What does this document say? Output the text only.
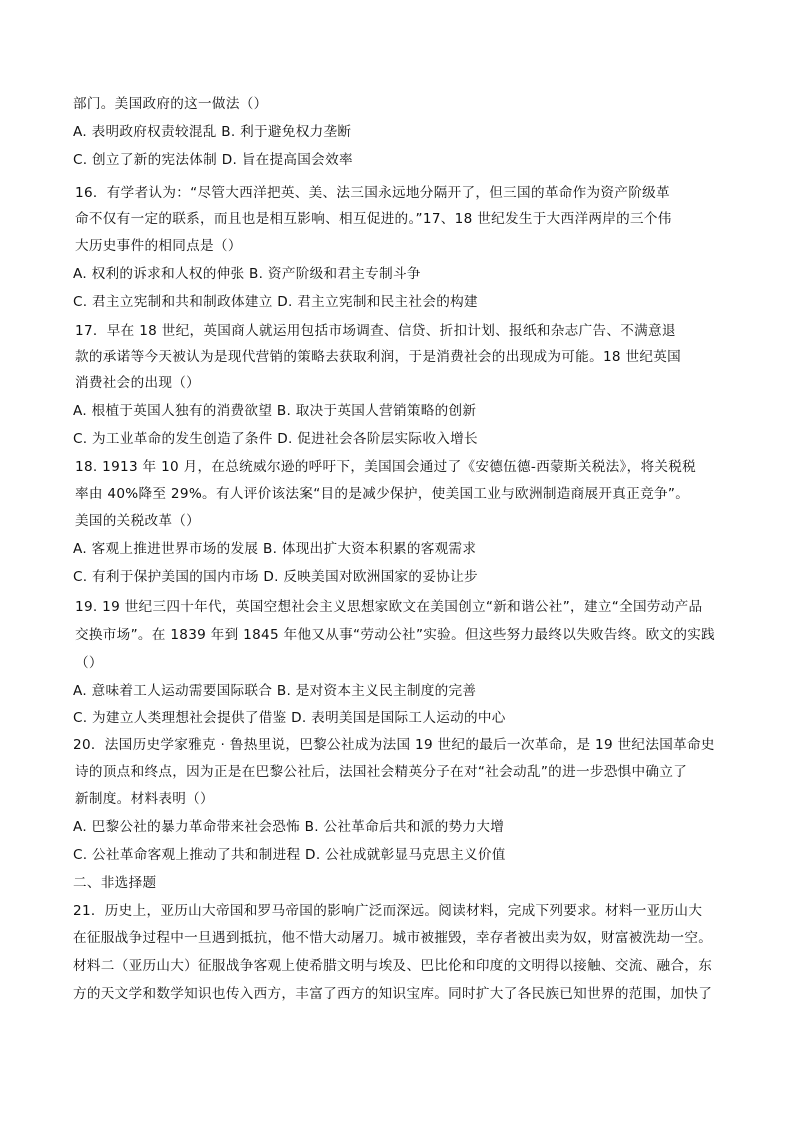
部门。美国政府的这一做法（）
A. 表明政府权责较混乱 B. 利于避免权力垄断
C. 创立了新的宪法体制 D. 旨在提高国会效率
16．有学者认为：“尽管大西洋把英、美、法三国永远地分隔开了，但三国的革命作为资产阶级革
命不仅有一定的联系，而且也是相互影响、相互促进的。”17、18 世纪发生于大西洋两岸的三个伟
大历史事件的相同点是（）
A. 权利的诉求和人权的伸张 B. 资产阶级和君主专制斗争
C. 君主立宪制和共和制政体建立 D. 君主立宪制和民主社会的构建
17．早在 18 世纪，英国商人就运用包括市场调查、信贷、折扣计划、报纸和杂志广告、不满意退
款的承诺等今天被认为是现代营销的策略去获取利润，于是消费社会的出现成为可能。18 世纪英国
消费社会的出现（）
A. 根植于英国人独有的消费欲望 B. 取决于英国人营销策略的创新
C. 为工业革命的发生创造了条件 D. 促进社会各阶层实际收入增长
18. 1913 年 10 月，在总统威尔逊的呼吁下，美国国会通过了《安德伍德-西蒙斯关税法》，将关税税
率由 40%降至 29%。有人评价该法案“目的是减少保护，使美国工业与欧洲制造商展开真正竞争”。
美国的关税改革（）
A. 客观上推进世界市场的发展 B. 体现出扩大资本积累的客观需求
C. 有利于保护美国的国内市场 D. 反映美国对欧洲国家的妥协让步
19. 19 世纪三四十年代，英国空想社会主义思想家欧文在美国创立“新和谐公社”，建立“全国劳动产品
交换市场”。在 1839 年到 1845 年他又从事“劳动公社”实验。但这些努力最终以失败告终。欧文的实践
（）
A. 意味着工人运动需要国际联合 B. 是对资本主义民主制度的完善
C. 为建立人类理想社会提供了借鉴 D. 表明美国是国际工人运动的中心
20．法国历史学家雅克 · 鲁热里说，巴黎公社成为法国 19 世纪的最后一次革命，是 19 世纪法国革命史
诗的顶点和终点，因为正是在巴黎公社后，法国社会精英分子在对“社会动乱”的进一步恐惧中确立了
新制度。材料表明（）
A. 巴黎公社的暴力革命带来社会恐怖 B. 公社革命后共和派的势力大增
C. 公社革命客观上推动了共和制进程 D. 公社成就彰显马克思主义价值
二、非选择题
21．历史上，亚历山大帝国和罗马帝国的影响广泛而深远。阅读材料，完成下列要求。材料一亚历山大
在征服战争过程中一旦遇到抵抗，他不惜大动屠刀。城市被摧毁，幸存者被出卖为奴，财富被洗劫一空。
材料二（亚历山大）征服战争客观上使希腊文明与埃及、巴比伦和印度的文明得以接触、交流、融合，东
方的天文学和数学知识也传入西方，丰富了西方的知识宝库。同时扩大了各民族已知世界的范围，加快了
